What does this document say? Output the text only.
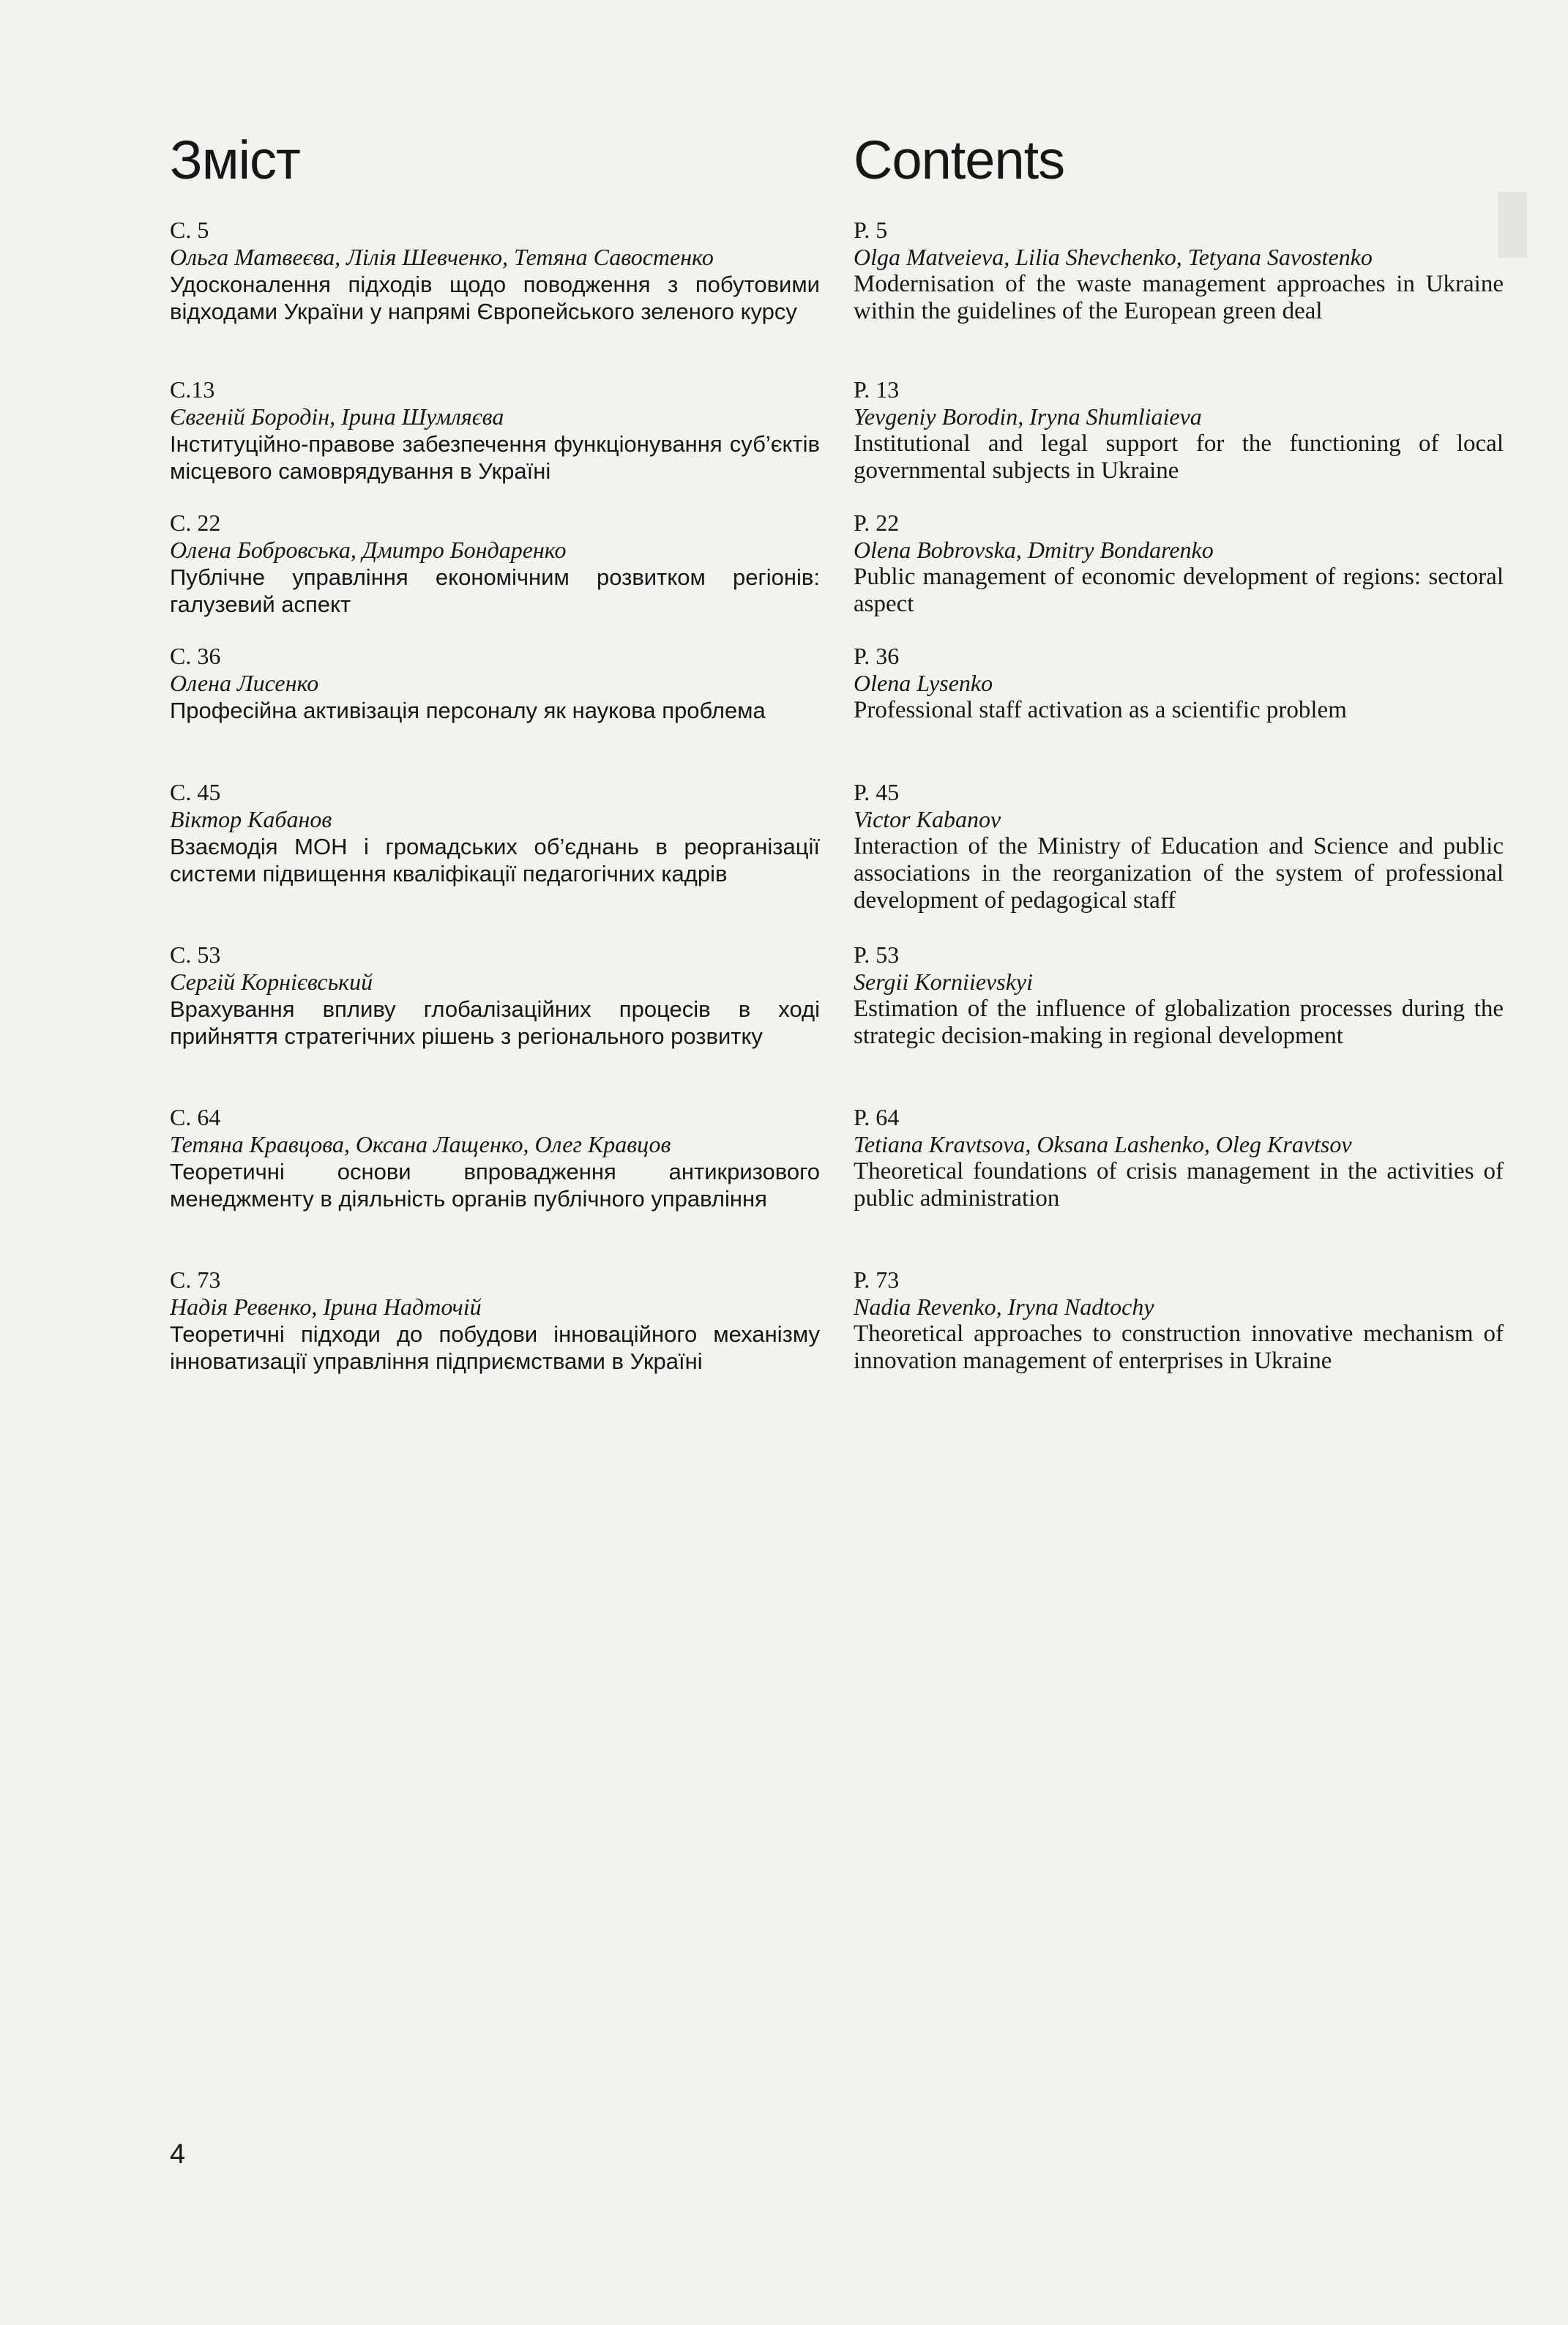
Зміст	Contents
С. 5
Ольга Матвеєва, Лілія Шевченко, Тетяна Савостенко
Удосконалення підходів щодо поводження з побутовими відходами України у напрямі Європейського зеленого курсу
С.13
Євгеній Бородін, Ірина Шумляєва
Інституційно-правове забезпечення функціонування суб’єктів місцевого самоврядування в Україні
С. 22
Олена Бобровська, Дмитро Бондаренко
Публічне управління економічним розвитком регіонів: галузевий аспект
С. 36
Олена Лисенко
Професійна активізація персоналу як наукова проблема
С. 45
Віктор Кабанов
Взаємодія МОН і громадських об’єднань в реорганізації системи підвищення кваліфікації педагогічних кадрів
С. 53
Сергій Корнієвський
Врахування впливу глобалізаційних процесів в ході прийняття стратегічних рішень з регіонального розвитку
С. 64
Тетяна Кравцова, Оксана Лащенко, Олег Кравцов
Теоретичні основи впровадження антикризового менеджменту в діяльність органів публічного управління
С. 73
Надія Ревенко, Ірина Надточій
Теоретичні підходи до побудови інноваційного механізму інноватизації управління підприємствами в Україні
P. 5
Olga Matveieva, Lilia Shevchenko, Tetyana Savostenko
Modernisation of the waste management approaches in Ukraine within the guidelines of the European green deal
P. 13
Yevgeniy Borodin, Iryna Shumliaieva
Institutional and legal support for the functioning of local governmental subjects in Ukraine
P. 22
Olena Bobrovska, Dmitry Bondarenko
Public management of economic development of regions: sectoral aspect
P. 36
Olena Lysenko
Professional staff activation as a scientific problem
P. 45
Victor Kabanov
Interaction of the Ministry of Education and Science and public associations in the reorganization of the system of professional development of pedagogical staff
P. 53
Sergii Korniievskyi
Estimation of the influence of globalization processes during the strategic decision-making in regional development
P. 64
Tetiana Kravtsova, Oksana Lashenko, Oleg Kravtsov
Theoretical foundations of crisis management in the activities of public administration
P. 73
Nadia Revenko, Iryna Nadtochy
Theoretical approaches to construction innovative mechanism of innovation management of enterprises in Ukraine
4
